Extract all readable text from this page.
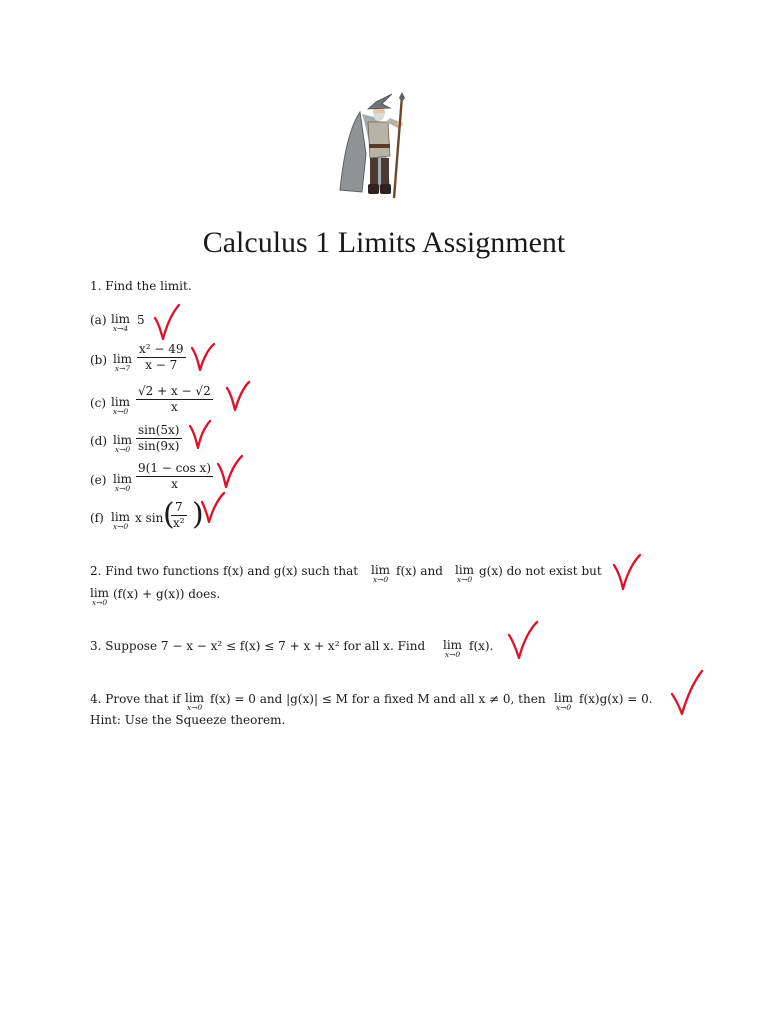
Calculus 1 Limits Assignment
1. Find the limit.
(a) lim
x→4
5
(b) lim
$x\to 7 \frac{\text{x² − 49}}{x - 7}$
(c) lim
$x\to 0 \frac{√2 + x - √2}{x}$
(d) lim
$x\to 0 \frac{\sin(5x)}{\sin(9x)}$
(e) lim
$x\to 0 \frac{\text{9(1 − cos x)}}{x}$
(f) lim
x→0
x sin (
$\frac{7}{\text{x²}}$ )
2. Find two functions f(x) and g(x) such that lim
x→0
f(x) and lim
x→0
g(x) do not exist but
lim
x→0
(f(x) + g(x)) does.
3. Suppose 7 − x − x² ≤ f(x) ≤ 7 + x + x² for all x. Find lim
x→0
f(x).
4. Prove that if lim
x→0
f(x) = 0 and |g(x)| ≤ M for a fixed M and all x ≠ 0, then lim
x→0
f(x)g(x) = 0.
Hint: Use the Squeeze theorem.
